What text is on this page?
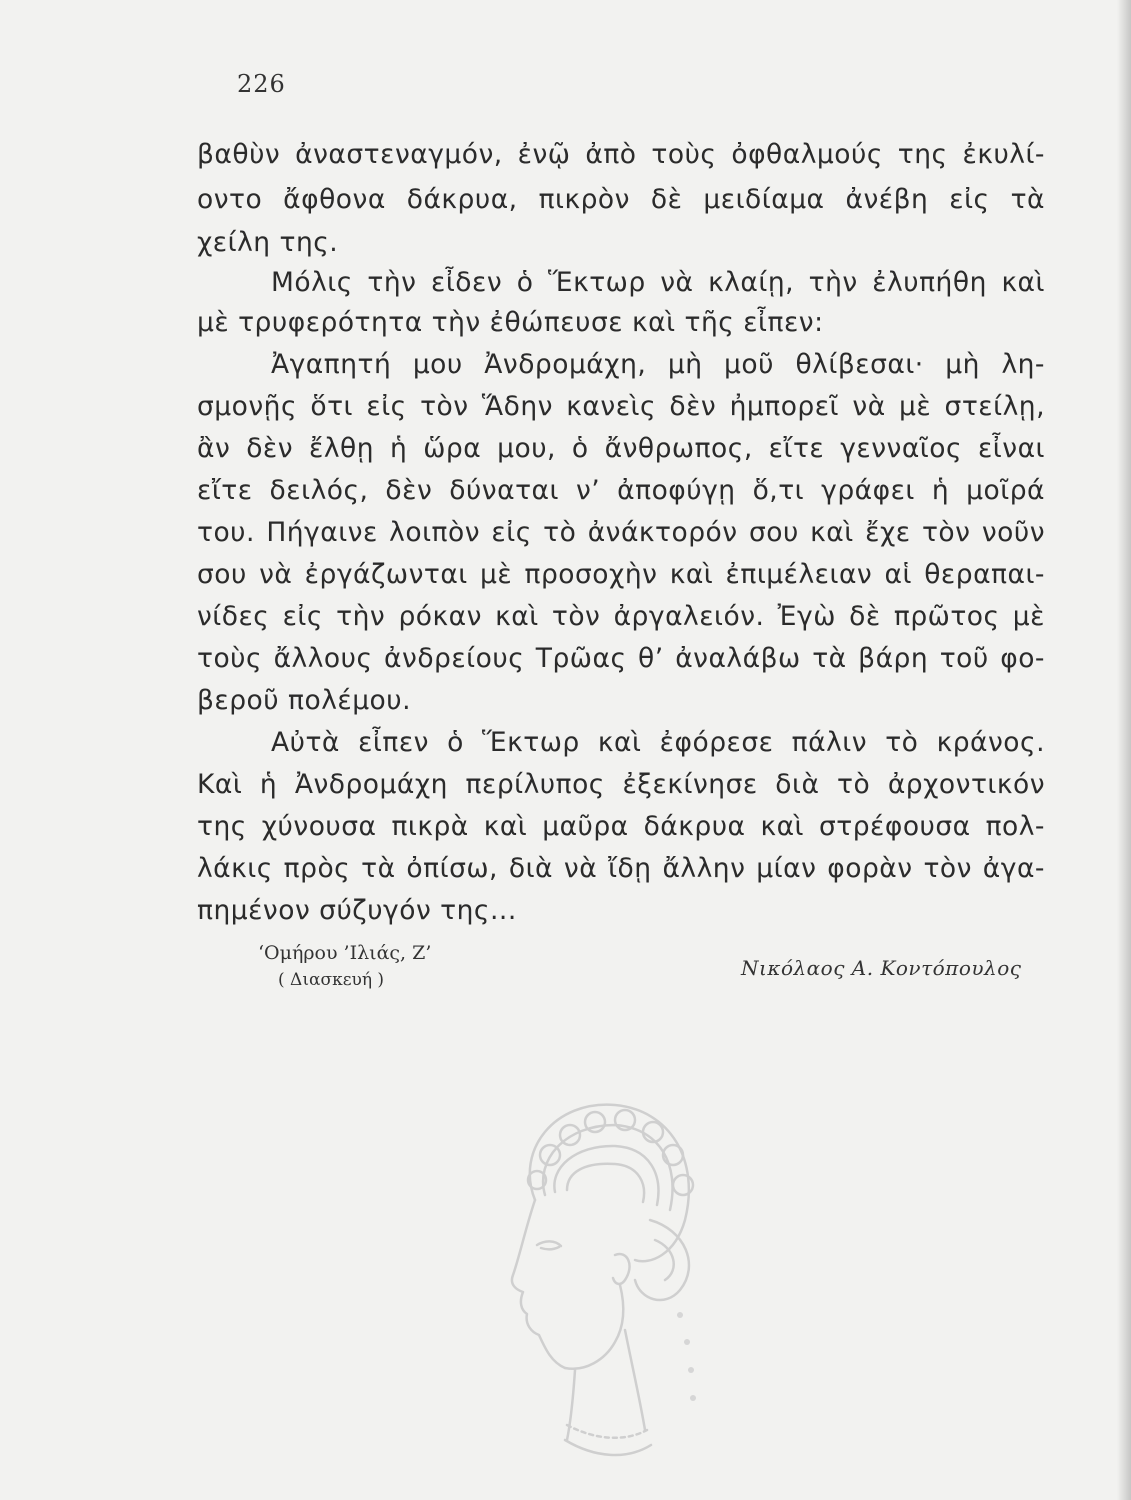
226
βαθὺν ἀναστεναγμόν, ἐνῷ ἀπὸ τοὺς ὀφθαλμούς της ἐκυλί-
οντο ἄφθονα δάκρυα, πικρὸν δὲ μειδίαμα ἀνέβη εἰς τὰ
χείλη της.
Μόλις τὴν εἶδεν ὁ Ἕκτωρ νὰ κλαίῃ, τὴν ἐλυπήθη καὶ
μὲ τρυφερότητα τὴν ἐθώπευσε καὶ τῆς εἶπεν:
Ἀγαπητή μου Ἀνδρομάχη, μὴ μοῦ θλίβεσαι· μὴ λη-
σμονῇς ὅτι εἰς τὸν Ἅδην κανεὶς δὲν ἠμπορεῖ νὰ μὲ στείλῃ,
ἂν δὲν ἔλθῃ ἡ ὥρα μου, ὁ ἄνθρωπος, εἴτε γενναῖος εἶναι
εἴτε δειλός, δὲν δύναται ν’ ἀποφύγῃ ὅ,τι γράφει ἡ μοῖρά
του. Πήγαινε λοιπὸν εἰς τὸ ἀνάκτορόν σου καὶ ἔχε τὸν νοῦν
σου νὰ ἐργάζωνται μὲ προσοχὴν καὶ ἐπιμέλειαν αἱ θεραπαι-
νίδες εἰς τὴν ρόκαν καὶ τὸν ἀργαλειόν. Ἐγὼ δὲ πρῶτος μὲ
τοὺς ἄλλους ἀνδρείους Τρῶας θ’ ἀναλάβω τὰ βάρη τοῦ φο-
βεροῦ πολέμου.
Αὐτὰ εἶπεν ὁ Ἕκτωρ καὶ ἐφόρεσε πάλιν τὸ κράνος.
Καὶ ἡ Ἀνδρομάχη περίλυπος ἐξεκίνησε διὰ τὸ ἀρχοντικόν
της χύνουσα πικρὰ καὶ μαῦρα δάκρυα καὶ στρέφουσα πολ-
λάκις πρὸς τὰ ὀπίσω, διὰ νὰ ἴδῃ ἄλλην μίαν φορὰν τὸν ἀγα-
πημένον σύζυγόν της...
‘Ομήρου ’Ιλιάς, Ζ’
( Διασκευή )	Νικόλαος Α. Κοντόπουλος
